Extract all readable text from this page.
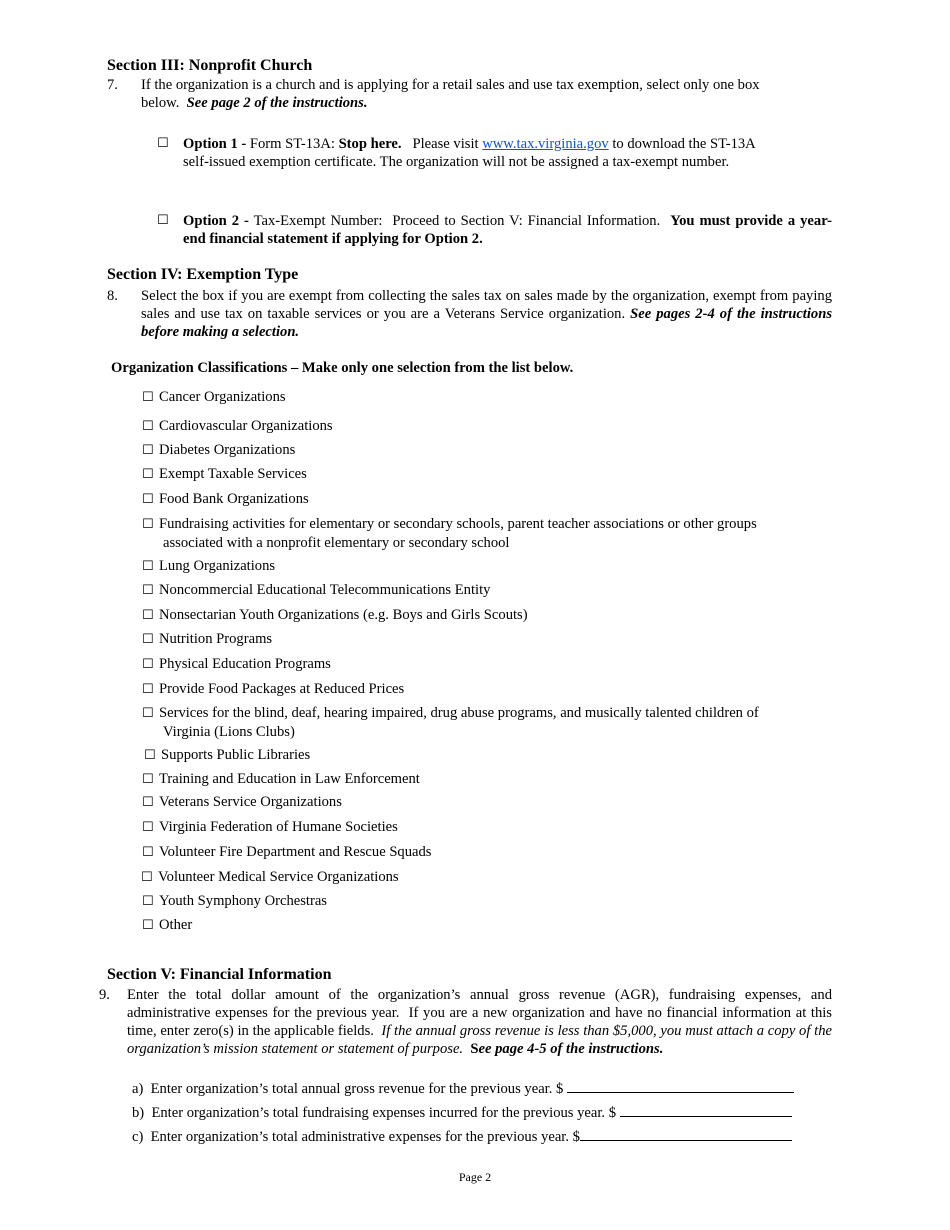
Section III: Nonprofit Church
7. If the organization is a church and is applying for a retail sales and use tax exemption, select only one box below. See page 2 of the instructions.
☐ Option 1 - Form ST-13A: Stop here.   Please visit www.tax.virginia.gov to download the ST-13A self-issued exemption certificate. The organization will not be assigned a tax-exempt number.
☐ Option 2 - Tax-Exempt Number:  Proceed to Section V: Financial Information.  You must provide a year-end financial statement if applying for Option 2.
Section IV: Exemption Type
8. Select the box if you are exempt from collecting the sales tax on sales made by the organization, exempt from paying sales and use tax on taxable services or you are a Veterans Service organization. See pages 2-4 of the instructions before making a selection.
Organization Classifications – Make only one selection from the list below.
☐ Cancer Organizations
☐ Cardiovascular Organizations
☐ Diabetes Organizations
☐ Exempt Taxable Services
☐ Food Bank Organizations
☐ Fundraising activities for elementary or secondary schools, parent teacher associations or other groups
associated with a nonprofit elementary or secondary school
☐ Lung Organizations
☐ Noncommercial Educational Telecommunications Entity
☐ Nonsectarian Youth Organizations (e.g. Boys and Girls Scouts)
☐ Nutrition Programs
☐ Physical Education Programs
☐ Provide Food Packages at Reduced Prices
☐ Services for the blind, deaf, hearing impaired, drug abuse programs, and musically talented children of
Virginia (Lions Clubs)
☐ Supports Public Libraries
☐ Training and Education in Law Enforcement
☐ Veterans Service Organizations
☐ Virginia Federation of Humane Societies
☐ Volunteer Fire Department and Rescue Squads
☐ Volunteer Medical Service Organizations
☐ Youth Symphony Orchestras
☐ Other
Section V: Financial Information
9. Enter the total dollar amount of the organization’s annual gross revenue (AGR), fundraising expenses, and administrative expenses for the previous year.  If you are a new organization and have no financial information at this time, enter zero(s) in the applicable fields.  If the annual gross revenue is less than $5,000, you must attach a copy of the organization’s mission statement or statement of purpose.  See page 4-5 of the instructions.
a) Enter organization’s total annual gross revenue for the previous year. $
b) Enter organization’s total fundraising expenses incurred for the previous year. $
c) Enter organization’s total administrative expenses for the previous year. $
Page 2
